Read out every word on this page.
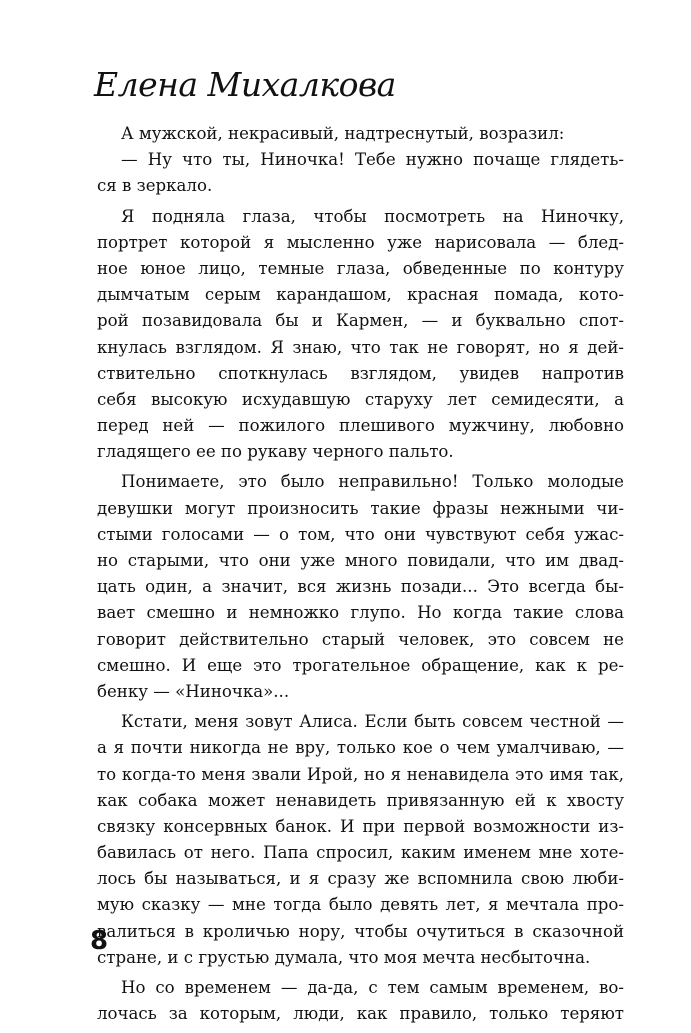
Елена Михалкова
А мужской, некрасивый, надтреснутый, возразил:
— Ну что ты, Ниночка! Тебе нужно почаще глядеть-
ся в зеркало.
Я подняла глаза, чтобы посмотреть на Ниночку,
портрет которой я мысленно уже нарисовала — блед-
ное юное лицо, темные глаза, обведенные по контуру
дымчатым серым карандашом, красная помада, кото-
рой позавидовала бы и Кармен, — и буквально спот-
кнулась взглядом. Я знаю, что так не говорят, но я дей-
ствительно споткнулась взглядом, увидев напротив
себя высокую исхудавшую старуху лет семидесяти, а
перед ней — пожилого плешивого мужчину, любовно
гладящего ее по рукаву черного пальто.
Понимаете, это было неправильно! Только молодые
девушки могут произносить такие фразы нежными чи-
стыми голосами — о том, что они чувствуют себя ужас-
но старыми, что они уже много повидали, что им двад-
цать один, а значит, вся жизнь позади... Это всегда бы-
вает смешно и немножко глупо. Но когда такие слова
говорит действительно старый человек, это совсем не
смешно. И еще это трогательное обращение, как к ре-
бенку — «Ниночка»...
Кстати, меня зовут Алиса. Если быть совсем честной —
а я почти никогда не вру, только кое о чем умалчиваю, —
то когда-то меня звали Ирой, но я ненавидела это имя так,
как собака может ненавидеть привязанную ей к хвосту
связку консервных банок. И при первой возможности из-
бавилась от него. Папа спросил, каким именем мне хоте-
лось бы называться, и я сразу же вспомнила свою люби-
мую сказку — мне тогда было девять лет, я мечтала про-
валиться в кроличью нору, чтобы очутиться в сказочной
стране, и с грустью думала, что моя мечта несбыточна.
Но со временем — да-да, с тем самым временем, во-
лочась за которым, люди, как правило, только теряют
8
